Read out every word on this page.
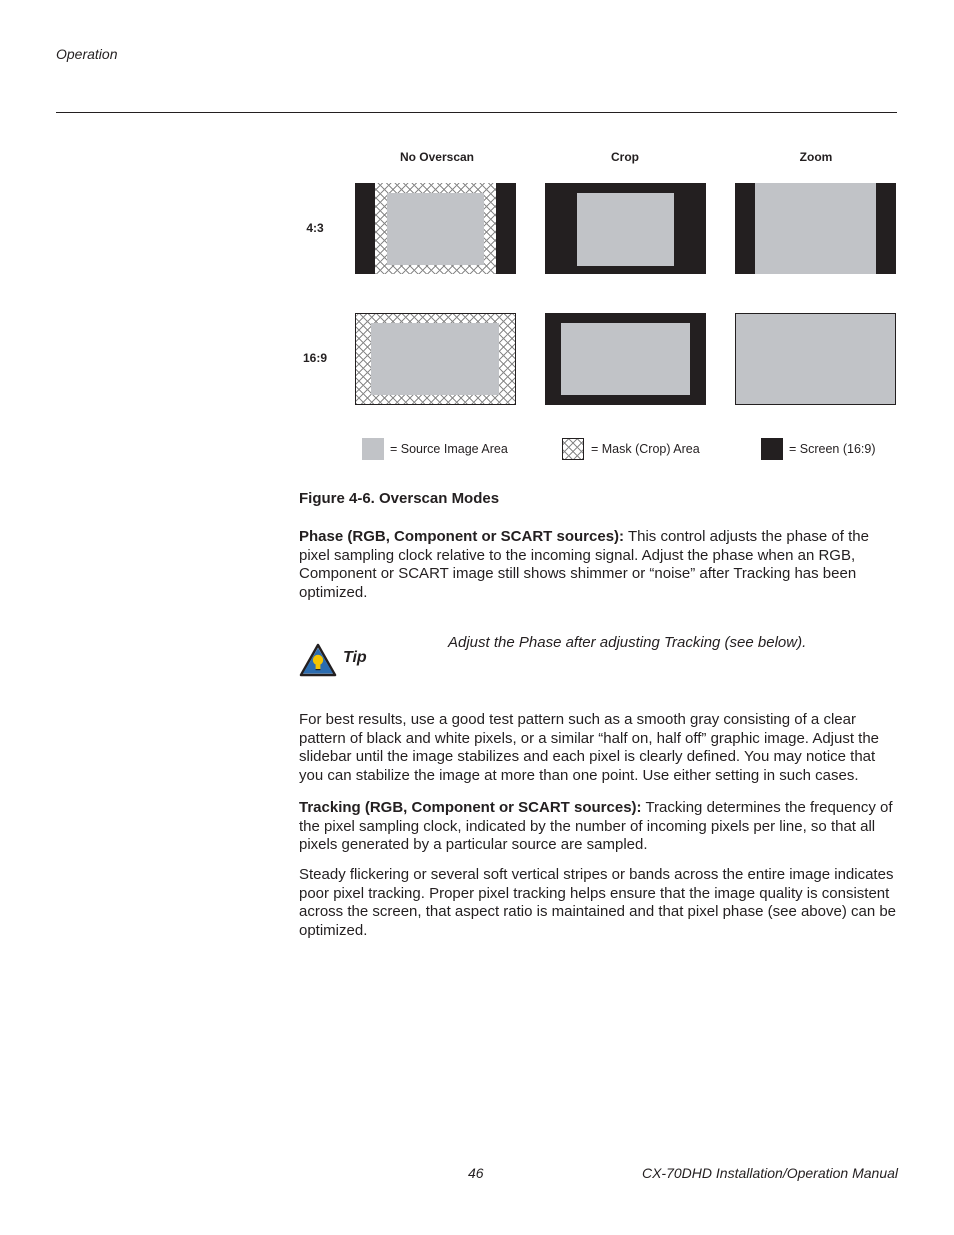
Operation
No Overscan	Crop	Zoom
4:3
16:9
= Source Image Area	= Mask (Crop) Area	= Screen (16:9)
Figure 4-6. Overscan Modes
Phase (RGB, Component or SCART sources): This control adjusts the phase of the pixel sampling clock relative to the incoming signal. Adjust the phase when an RGB, Component or SCART image still shows shimmer or “noise” after Tracking has been optimized.
Tip
Adjust the Phase after adjusting Tracking (see below).
For best results, use a good test pattern such as a smooth gray consisting of a clear pattern of black and white pixels, or a similar “half on, half off” graphic image. Adjust the slidebar until the image stabilizes and each pixel is clearly defined. You may notice that you can stabilize the image at more than one point. Use either setting in such cases.
Tracking (RGB, Component or SCART sources): Tracking determines the frequency of the pixel sampling clock, indicated by the number of incoming pixels per line, so that all pixels generated by a particular source are sampled.
Steady flickering or several soft vertical stripes or bands across the entire image indicates poor pixel tracking. Proper pixel tracking helps ensure that the image quality is consistent across the screen, that aspect ratio is maintained and that pixel phase (see above) can be optimized.
46	CX-70DHD Installation/Operation Manual
